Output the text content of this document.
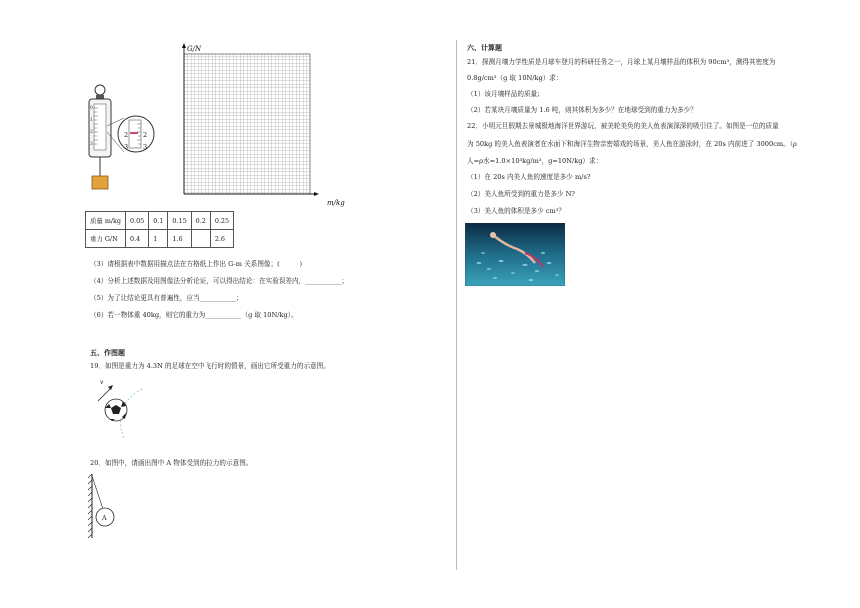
0
1
2
3
2
3
2
3
G/N
m/kg
质量 m/kg	0.05	0.1	0.15	0.2	0.25
重力 G/N	0.4	1	1.6		2.6
（3）请根据表中数据用描点法在方格纸上作出 G-m 关系图像；(　　　)
（4）分析上述数据及用图像法分析论证，可以得出结论：在实验误差内，___________；
（5）为了让结论更具有普遍性，应当___________；
（6）若一物体重 40kg，则它的重力为___________（g 取 10N/kg）。
五、作图题
19．如图是重力为 4.3N 的足球在空中飞行时的情景，画出它所受重力的示意图。
v
20．如图中，请画出图中 A 物体受到的拉力的示意图。
A
六、计算题
21．探测月壤力学性质是月球车登月的科研任务之一，月球上某月壤样品的体积为 90cm³，测得其密度为
0.8g/cm³（g 取 10N/kg）求：
（1）该月壤样品的质量；
（2）若某块月壤质量为 1.6 吨，则其体积为多少？在地球受到的重力为多少？
22．小明元旦假期去景城极地海洋世界游玩，被美轮美奂的美人鱼表演深深的吸引住了。如图是一位的质量
为 50kg 的美人鱼表演者在水面下和海洋生物亲密嬉戏的场景，美人鱼在游泳时，在 20s 内前进了 3000cm。（ρ
人=ρ水=1.0×10³kg/m³，g=10N/kg）求：
（1）在 20s 内美人鱼的速度是多少 m/s?
（2）美人鱼所受到的重力是多少 N?
（3）美人鱼的体积是多少 cm³？
